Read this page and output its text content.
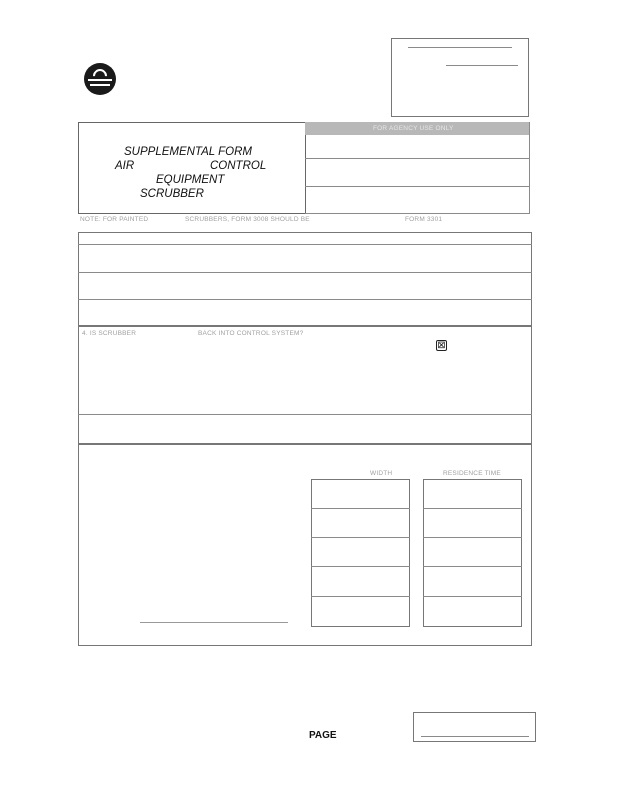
SUPPLEMENTAL FORM
AIR	CONTROL
EQUIPMENT
SCRUBBER
FOR AGENCY USE ONLY
NOTE: FOR PAINTED	SCRUBBERS, FORM 3008 SHOULD BE	FORM 3301
4. IS SCRUBBER	BACK INTO CONTROL SYSTEM?
⊠
WIDTH	RESIDENCE TIME
PAGE
